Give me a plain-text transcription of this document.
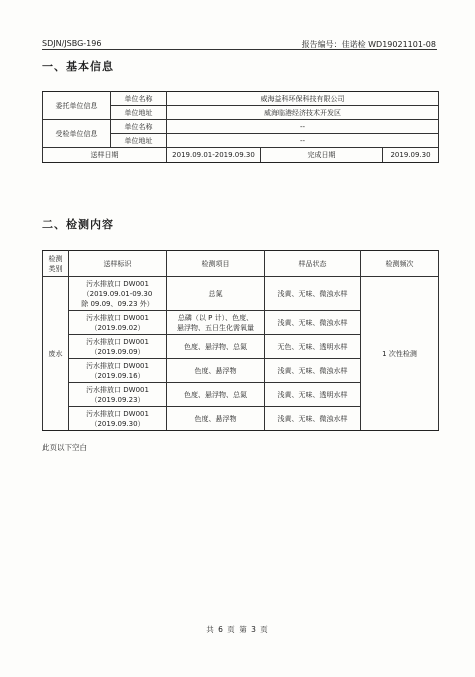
SDJN/JSBG-196	报告编号：佳诺检 WD19021101-08
一、基本信息
委托单位信息	单位名称	威海益科环保科技有限公司		
	单位地址	威海临港经济技术开发区		
受检单位信息	单位名称	--		
	单位地址	--		
送样日期		2019.09.01-2019.09.30	完成日期	2019.09.30
二、检测内容
检测
类别	送样标识	检测项目	样品状态	检测频次
废水	污水排放口 DW001
（2019.09.01-09.30
除 09.09、09.23 外）	总氮	浅黄、无味、微浊水样	1 次性检测
	污水排放口 DW001
（2019.09.02）	总磷（以 P 计）、色度、
悬浮物、五日生化需氧量	浅黄、无味、微浊水样	
	污水排放口 DW001
（2019.09.09）	色度、悬浮物、总氮	无色、无味、透明水样	
	污水排放口 DW001
（2019.09.16）	色度、悬浮物	浅黄、无味、微浊水样	
	污水排放口 DW001
（2019.09.23）	色度、悬浮物、总氮	浅黄、无味、透明水样	
	污水排放口 DW001
（2019.09.30）	色度、悬浮物	浅黄、无味、微浊水样	
此页以下空白
共 6 页 第 3 页
